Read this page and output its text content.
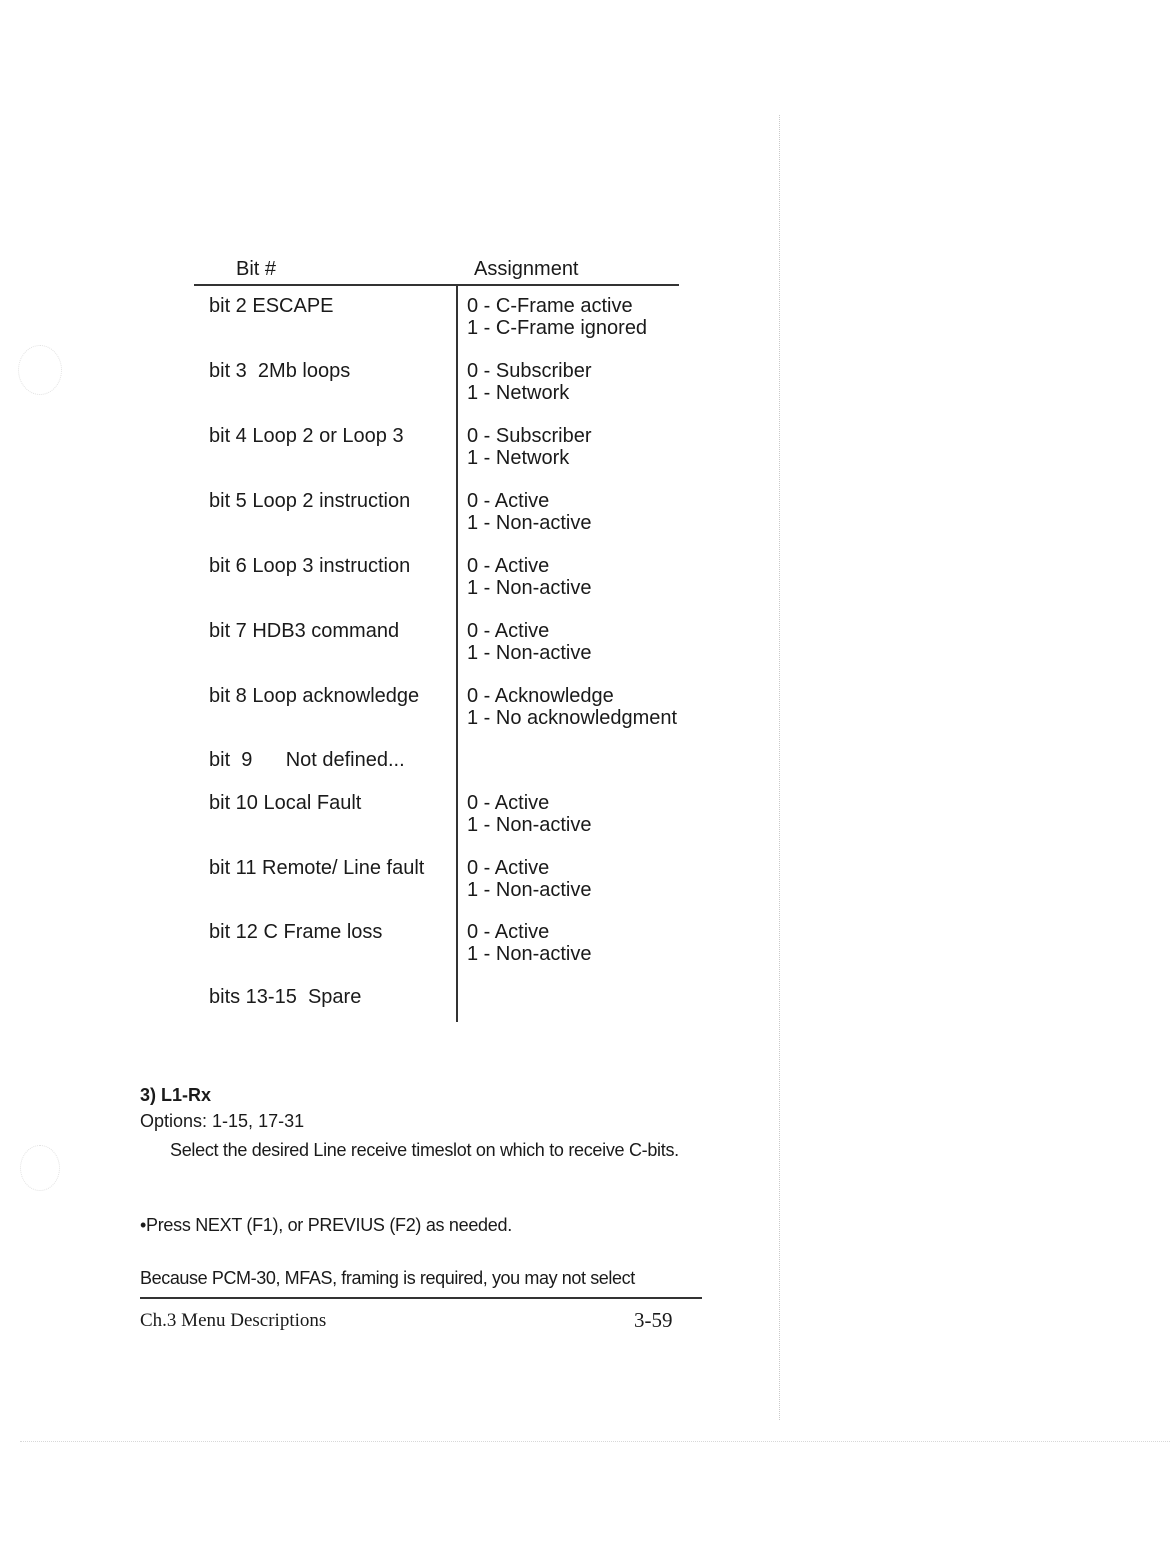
Bit #	Assignment
bit 2 ESCAPE	0 - C-Frame active
1 - C-Frame ignored
bit 3  2Mb loops	0 - Subscriber
1 - Network
bit 4 Loop 2 or Loop 3	0 - Subscriber
1 - Network
bit 5 Loop 2 instruction	0 - Active
1 - Non-active
bit 6 Loop 3 instruction	0 - Active
1 - Non-active
bit 7 HDB3 command	0 - Active
1 - Non-active
bit 8 Loop acknowledge 0 - Acknowledge
1 - No acknowledgment
bit  9      Not defined...
bit 10 Local Fault	0 - Active
1 - Non-active
bit 11 Remote/ Line fault 0 - Active
1 - Non-active
bit 12 C Frame loss	0 - Active
1 - Non-active
bits 13-15  Spare
3) L1-Rx
Options: 1-15, 17-31
Select the desired Line receive timeslot on which to receive C-bits.
•Press NEXT (F1), or PREVIUS (F2) as needed.
Because PCM-30, MFAS, framing is required, you may not select
Ch.3 Menu Descriptions	3-59
